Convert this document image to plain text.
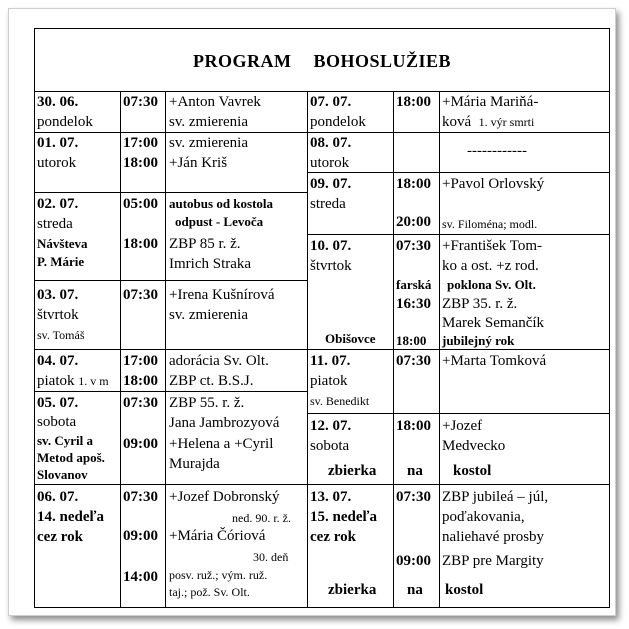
PROGRAM BOHOSLUŽIEB
30. 06.
pondelok
07:30 +Anton Vavrek
sv. zmierenia
01. 07.
utorok
17:00 sv. zmierenia
18:00 +Ján Kriš
02. 07.
streda
Návšteva
P. Márie
05:00 autobus od kostola
odpust - Levoča
18:00 ZBP 85 r. ž.
Imrich Straka
03. 07.
štvrtok
sv. Tomáš
07:30 +Irena Kušnírová
sv. zmierenia
04. 07.
piatok 1. v m
17:00 adorácia Sv. Olt.
18:00 ZBP ct. B.S.J.
05. 07.
sobota
sv. Cyril a
Metod apoš.
Slovanov
07:30 ZBP 55. r. ž.
Jana Jambrozyová
09:00 +Helena a +Cyril
Murajda
06. 07.
14. nedeľa
cez rok
07:30 +Jozef Dobronský
ned. 90. r. ž.
09:00 +Mária Čóriová
30. deň
14:00 posv. ruž.; vým. ruž.
taj.; pož. Sv. Olt.
07. 07.
pondelok
18:00 +Mária Mariňá-
ková 1. výr smrti
08. 07.
utorok
------------
09. 07.
streda
18:00 +Pavol Orlovský
20:00 sv. Filoména; modl.
10. 07.
štvrtok
Obišovce
07:30 +František Tom-
ko a ost. +z rod.
farská poklona Sv. Olt.
16:30 ZBP 35. r. ž.
Marek Semančík
18:00 jubilejný rok
11. 07.
piatok
sv. Benedikt
07:30 +Marta Tomková
12. 07.
sobota
18:00 +Jozef
Medvecko
zbierka na kostol
13. 07.
15. nedeľa
cez rok
07:30 ZBP jubileá – júl,
poďakovania,
naliehavé prosby
09:00 ZBP pre Margity
zbierka na kostol
